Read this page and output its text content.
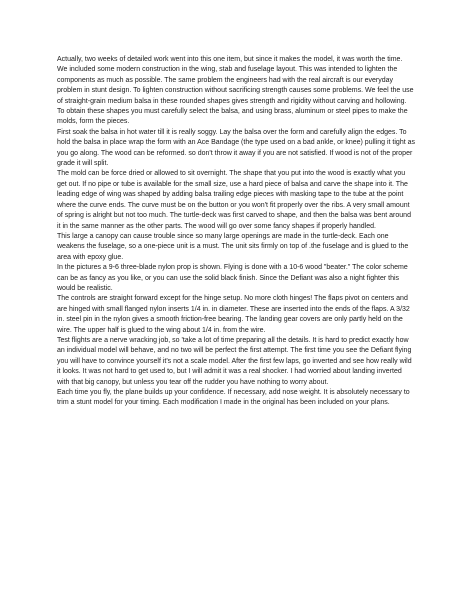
Actually, two weeks of detailed work went into this one item, but since it makes the model, it was worth the time.

We included some modern construction in the wing, stab and fuselage layout. This was intended to lighten the components as much as possible. The same problem the engineers had with the real aircraft is our everyday problem in stunt design. To lighten construction without sacrificing strength causes some problems. We feel the use of straight-grain medium balsa in these rounded shapes gives strength and rigidity without carving and hollowing. To obtain these shapes you must carefully select the balsa, and using brass, aluminum or steel pipes to make the molds, form the pieces.

First soak the balsa in hot water till it is really soggy. Lay the balsa over the form and carefully align the edges. To hold the balsa in place wrap the form with an Ace Bandage (the type used on a bad ankle, or knee) pulling it tight as you go along. The wood can be reformed. so don't throw it away if you are not satisfied. If wood is not of the proper grade it will split.

The mold can be force dried or allowed to sit overnight. The shape that you put into the wood is exactly what you get out. If no pipe or tube is available for the small size, use a hard piece of balsa and carve the shape into it. The leading edge of wing was shaped by adding balsa trailing edge pieces with masking tape to the tube at the point where the curve ends. The curve must be on the button or you won't fit properly over the ribs. A very small amount of spring is alright but not too much. The turtle-deck was first carved to shape, and then the balsa was bent around it in the same manner as the other parts. The wood will go over some fancy shapes if properly handled.

This large a canopy can cause trouble since so many large openings are made in the turtle-deck. Each one weakens the fuselage, so a one-piece unit is a must. The unit sits firmly on top of .the fuselage and is glued to the area with epoxy glue.

In the pictures a 9-6 three-blade nylon prop is shown. Flying is done with a 10-6 wood "beater." The color scheme can be as fancy as you like, or you can use the solid black finish. Since the Defiant was also a night fighter this would be realistic.

The controls are straight forward except for the hinge setup. No more cloth hinges! The flaps pivot on centers and are hinged with small flanged nylon inserts 1/4 in. in diameter. These are inserted into the ends of the flaps. A 3/32 in. steel pin in the nylon gives a smooth friction-free bearing. The landing gear covers are only partly held on the wire. The upper half is glued to the wing about 1/4 in. from the wire.

Test flights are a nerve wracking job, so 'take a lot of time preparing all the details. It is hard to predict exactly how an individual model will behave, and no two will be perfect the first attempt. The first time you see the Defiant flying you will have to convince yourself it's not a scale model. After the first few laps, go inverted and see how really wild it looks. It was not hard to get used to, but I will admit it was a real shocker. I had worried about landing inverted with that big canopy, but unless you tear off the rudder you have nothing to worry about.

Each time you fly, the plane builds up your confidence. If necessary, add nose weight. It is absolutely necessary to trim a stunt model for your timing. Each modification I made in the original has been included on your plans.
